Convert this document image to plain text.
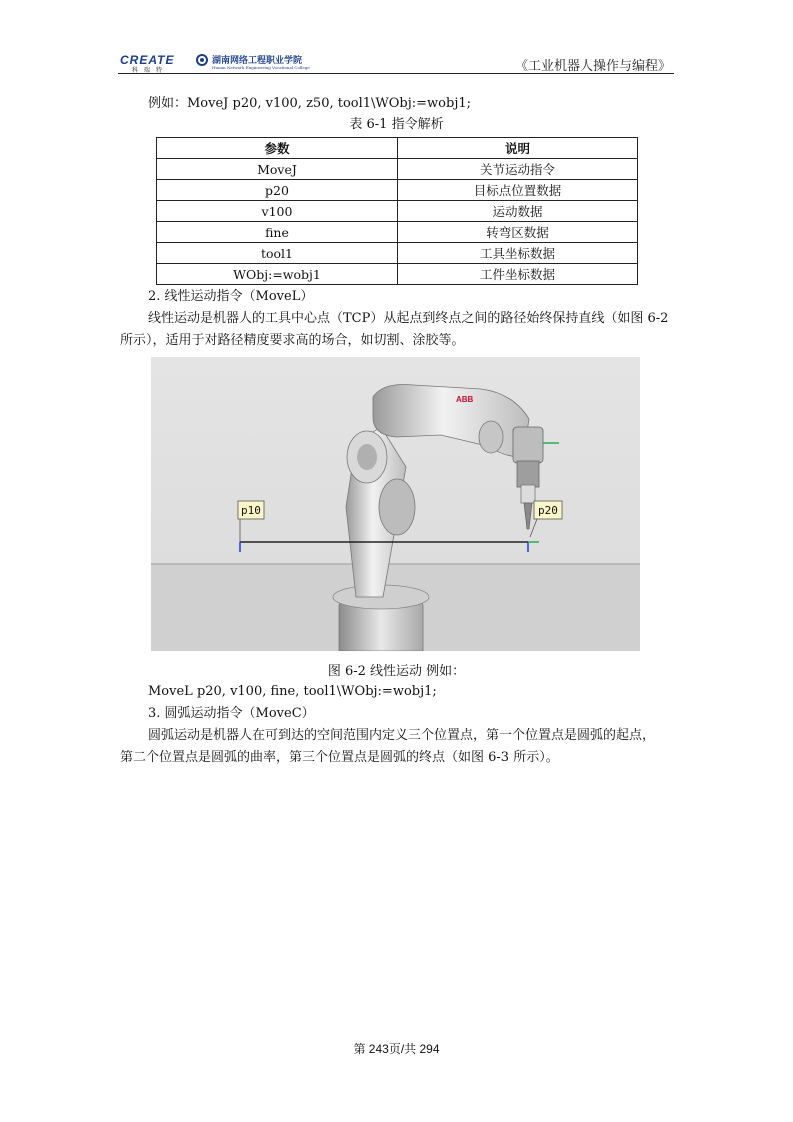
CREATE
科 瑞 特
湖南网络工程职业学院
Hunan Network Engineering Vocational College	《工业机器人操作与编程》
例如：MoveJ p20, v100, z50, tool1\WObj:=wobj1;
表 6-1 指令解析
参数	说明
MoveJ	关节运动指令
p20	目标点位置数据
v100	运动数据
fine	转弯区数据
tool1	工具坐标数据
WObj:=wobj1	工件坐标数据
2. 线性运动指令（MoveL）
线性运动是机器人的工具中心点（TCP）从起点到终点之间的路径始终保持直线（如图 6-2
所示），适用于对路径精度要求高的场合，如切割、涂胶等。
ABB
p10	p20
图 6-2 线性运动 例如：
MoveL p20, v100, fine, tool1\WObj:=wobj1;
3. 圆弧运动指令（MoveC）
圆弧运动是机器人在可到达的空间范围内定义三个位置点，第一个位置点是圆弧的起点，
第二个位置点是圆弧的曲率，第三个位置点是圆弧的终点（如图 6-3 所示）。
第 243页/共 294
